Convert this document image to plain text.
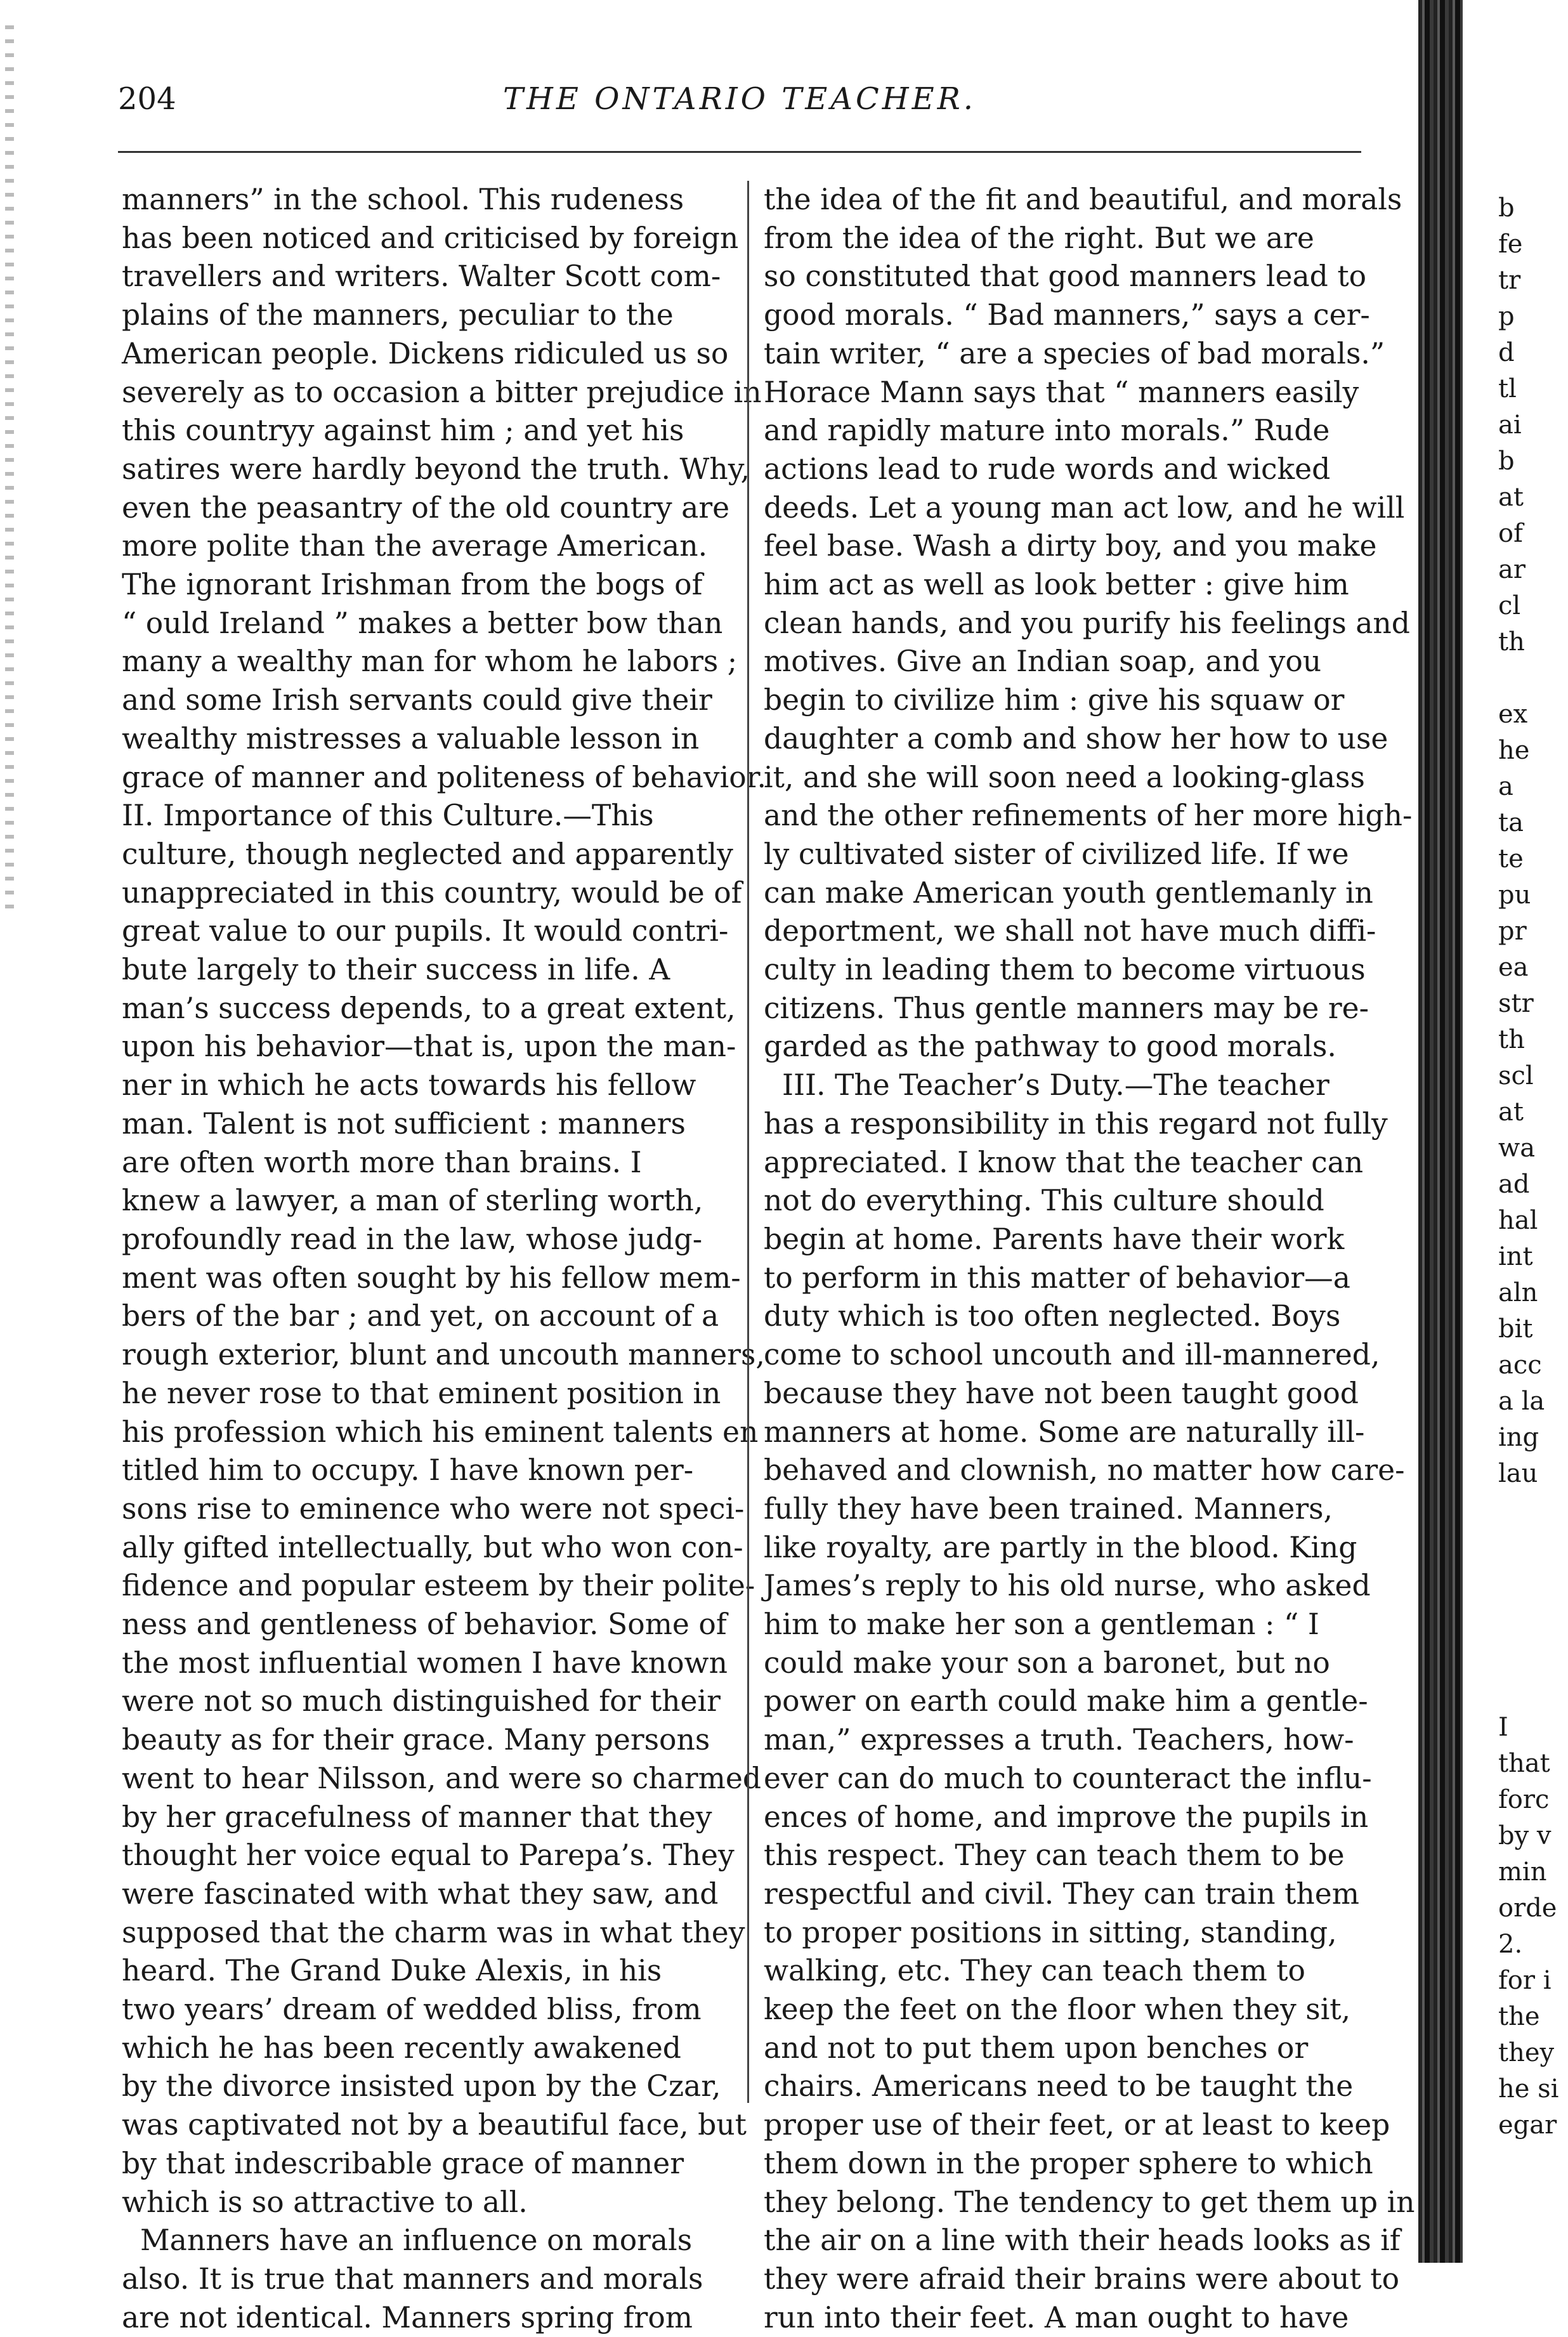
204	THE ONTARIO TEACHER.

manners” in the school. This rudeness

has been noticed and criticised by foreign

travellers and writers. Walter Scott com-

plains of the manners, peculiar to the

American people. Dickens ridiculed us so

severely as to occasion a bitter prejudice in

this countryy against him ; and yet his

satires were hardly beyond the truth. Why,

even the peasantry of the old country are

more polite than the average American.

The ignorant Irishman from the bogs of

“ ould Ireland ” makes a better bow than

many a wealthy man for whom he labors ;

and some Irish servants could give their

wealthy mistresses a valuable lesson in

grace of manner and politeness of behavior.

II. Importance of this Culture.—This

culture, though neglected and apparently

unappreciated in this country, would be of

great value to our pupils. It would contri-

bute largely to their success in life. A

man’s success depends, to a great extent,

upon his behavior—that is, upon the man-

ner in which he acts towards his fellow

man. Talent is not sufficient : manners

are often worth more than brains. I

knew a lawyer, a man of sterling worth,

profoundly read in the law, whose judg-

ment was often sought by his fellow mem-

bers of the bar ; and yet, on account of a

rough exterior, blunt and uncouth manners,

he never rose to that eminent position in

his profession which his eminent talents en

titled him to occupy. I have known per-

sons rise to eminence who were not speci-

ally gifted intellectually, but who won con-

fidence and popular esteem by their polite-

ness and gentleness of behavior. Some of

the most influential women I have known

were not so much distinguished for their

beauty as for their grace. Many persons

went to hear Nilsson, and were so charmed

by her gracefulness of manner that they

thought her voice equal to Parepa’s. They

were fascinated with what they saw, and

supposed that the charm was in what they

heard. The Grand Duke Alexis, in his

two years’ dream of wedded bliss, from

which he has been recently awakened

by the divorce insisted upon by the Czar,

was captivated not by a beautiful face, but

by that indescribable grace of manner

which is so attractive to all.

Manners have an influence on morals

also. It is true that manners and morals

are not identical. Manners spring from

the idea of the fit and beautiful, and morals

from the idea of the right. But we are

so constituted that good manners lead to

good morals. “ Bad manners,” says a cer-

tain writer, “ are a species of bad morals.”

Horace Mann says that “ manners easily

and rapidly mature into morals.” Rude

actions lead to rude words and wicked

deeds. Let a young man act low, and he will

feel base. Wash a dirty boy, and you make

him act as well as look better : give him

clean hands, and you purify his feelings and

motives. Give an Indian soap, and you

begin to civilize him : give his squaw or

daughter a comb and show her how to use

it, and she will soon need a looking-glass

and the other refinements of her more high-

ly cultivated sister of civilized life. If we

can make American youth gentlemanly in

deportment, we shall not have much diffi-

culty in leading them to become virtuous

citizens. Thus gentle manners may be re-

garded as the pathway to good morals.

III. The Teacher’s Duty.—The teacher

has a responsibility in this regard not fully

appreciated. I know that the teacher can

not do everything. This culture should

begin at home. Parents have their work

to perform in this matter of behavior—a

duty which is too often neglected. Boys

come to school uncouth and ill-mannered,

because they have not been taught good

manners at home. Some are naturally ill-

behaved and clownish, no matter how care-

fully they have been trained. Manners,

like royalty, are partly in the blood. King

James’s reply to his old nurse, who asked

him to make her son a gentleman : “ I

could make your son a baronet, but no

power on earth could make him a gentle-

man,” expresses a truth. Teachers, how-

ever can do much to counteract the influ-

ences of home, and improve the pupils in

this respect. They can teach them to be

respectful and civil. They can train them

to proper positions in sitting, standing,

walking, etc. They can teach them to

keep the feet on the floor when they sit,

and not to put them upon benches or

chairs. Americans need to be taught the

proper use of their feet, or at least to keep

them down in the proper sphere to which

they belong. The tendency to get them up in

the air on a line with their heads looks as if

they were afraid their brains were about to

run into their feet. A man ought to have

b

fe

tr

p

d

tl

ai

b

at

of

ar

cl

th

ex

he

a

ta

te

pu

pr

ea

str

th

scl

at

wa

ad

hal

int

aln

bit

acc

a la

ing

lau

I

that

forc

by v

min

orde

2.

for i

the

they

he si

egar
